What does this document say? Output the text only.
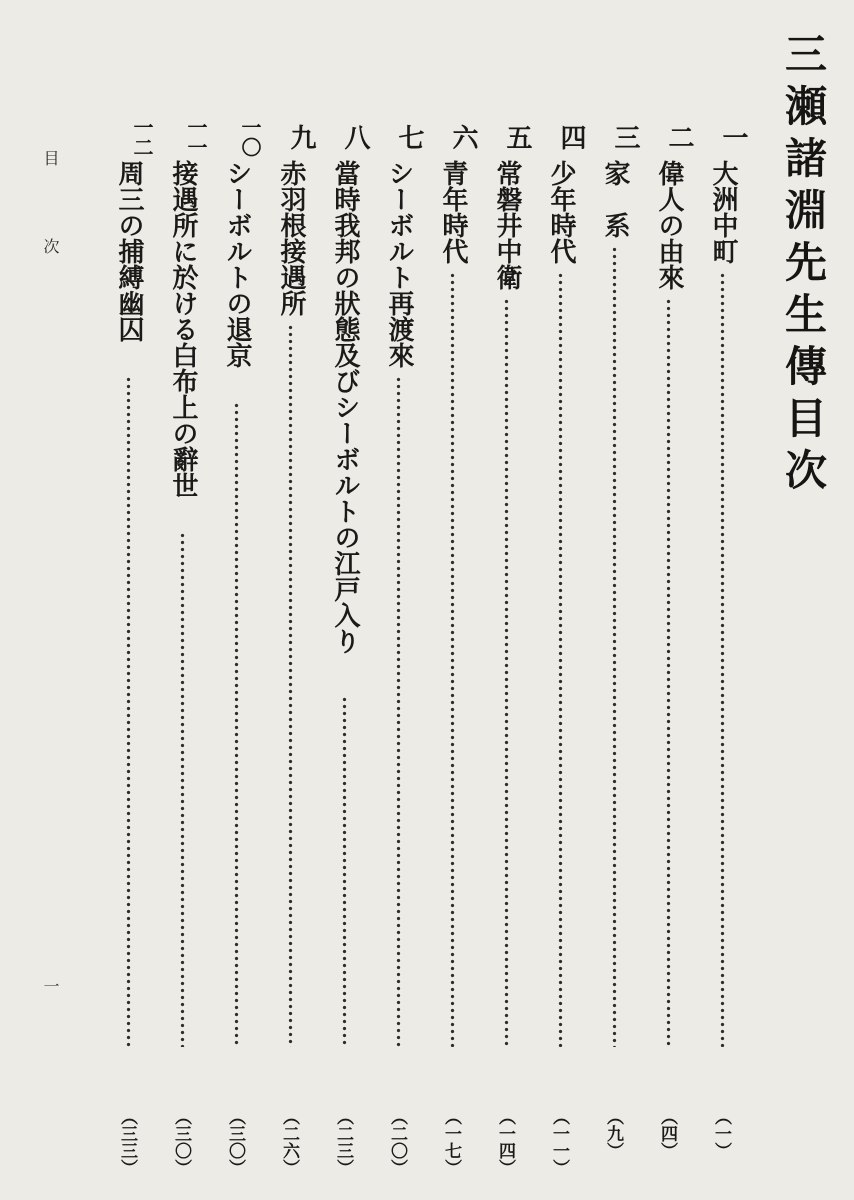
三瀬諸淵先生傳目次
目次
一
一
大洲中町
（一）
二
偉人の由來
（四）
三
家　系
（九）
四
少年時代
（一一）
五
常磐井中衛
（一四）
六
青年時代
（一七）
七
シーボルト再渡來
（二〇）
八
當時我邦の狀態及びシーボルトの江戸入り
（二三）
九
赤羽根接遇所
（二六）
一〇
シーボルトの退京
（三〇）
一一
接遇所に於ける白布上の辭世
（三〇）
一二
周三の捕縛幽囚
（三三）
